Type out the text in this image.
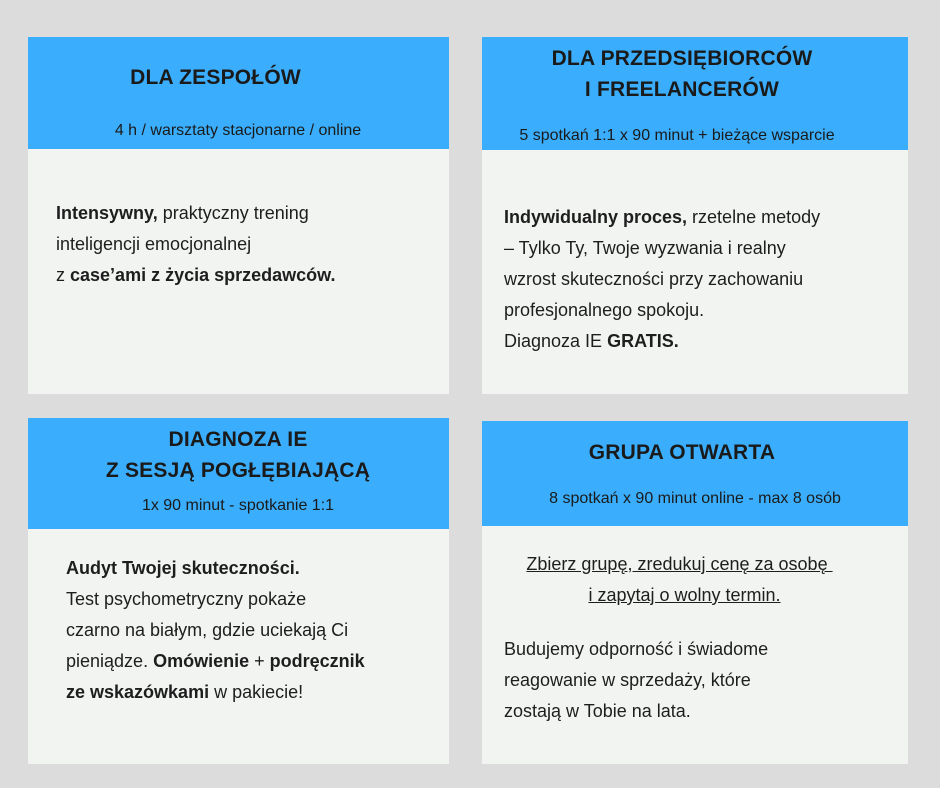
DLA ZESPOŁÓW
4 h / warsztaty stacjonarne / online
Intensywny, praktyczny trening
inteligencji emocjonalnej
z case’ami z życia sprzedawców.
DLA PRZEDSIĘBIORCÓW
I FREELANCERÓW
5 spotkań 1:1 x 90 minut + bieżące wsparcie
Indywidualny proces, rzetelne metody
– Tylko Ty, Twoje wyzwania i realny
wzrost skuteczności przy zachowaniu
profesjonalnego spokoju.
Diagnoza IE GRATIS.
DIAGNOZA IE
Z SESJĄ POGŁĘBIAJĄCĄ
1x 90 minut - spotkanie 1:1
Audyt Twojej skuteczności.
Test psychometryczny pokaże
czarno na białym, gdzie uciekają Ci
pieniądze. Omówienie + podręcznik
ze wskazówkami w pakiecie!
GRUPA OTWARTA
8 spotkań x 90 minut online - max 8 osób
Zbierz grupę, zredukuj cenę za osobę
i zapytaj o wolny termin.
Budujemy odporność i świadome
reagowanie w sprzedaży, które
zostają w Tobie na lata.
